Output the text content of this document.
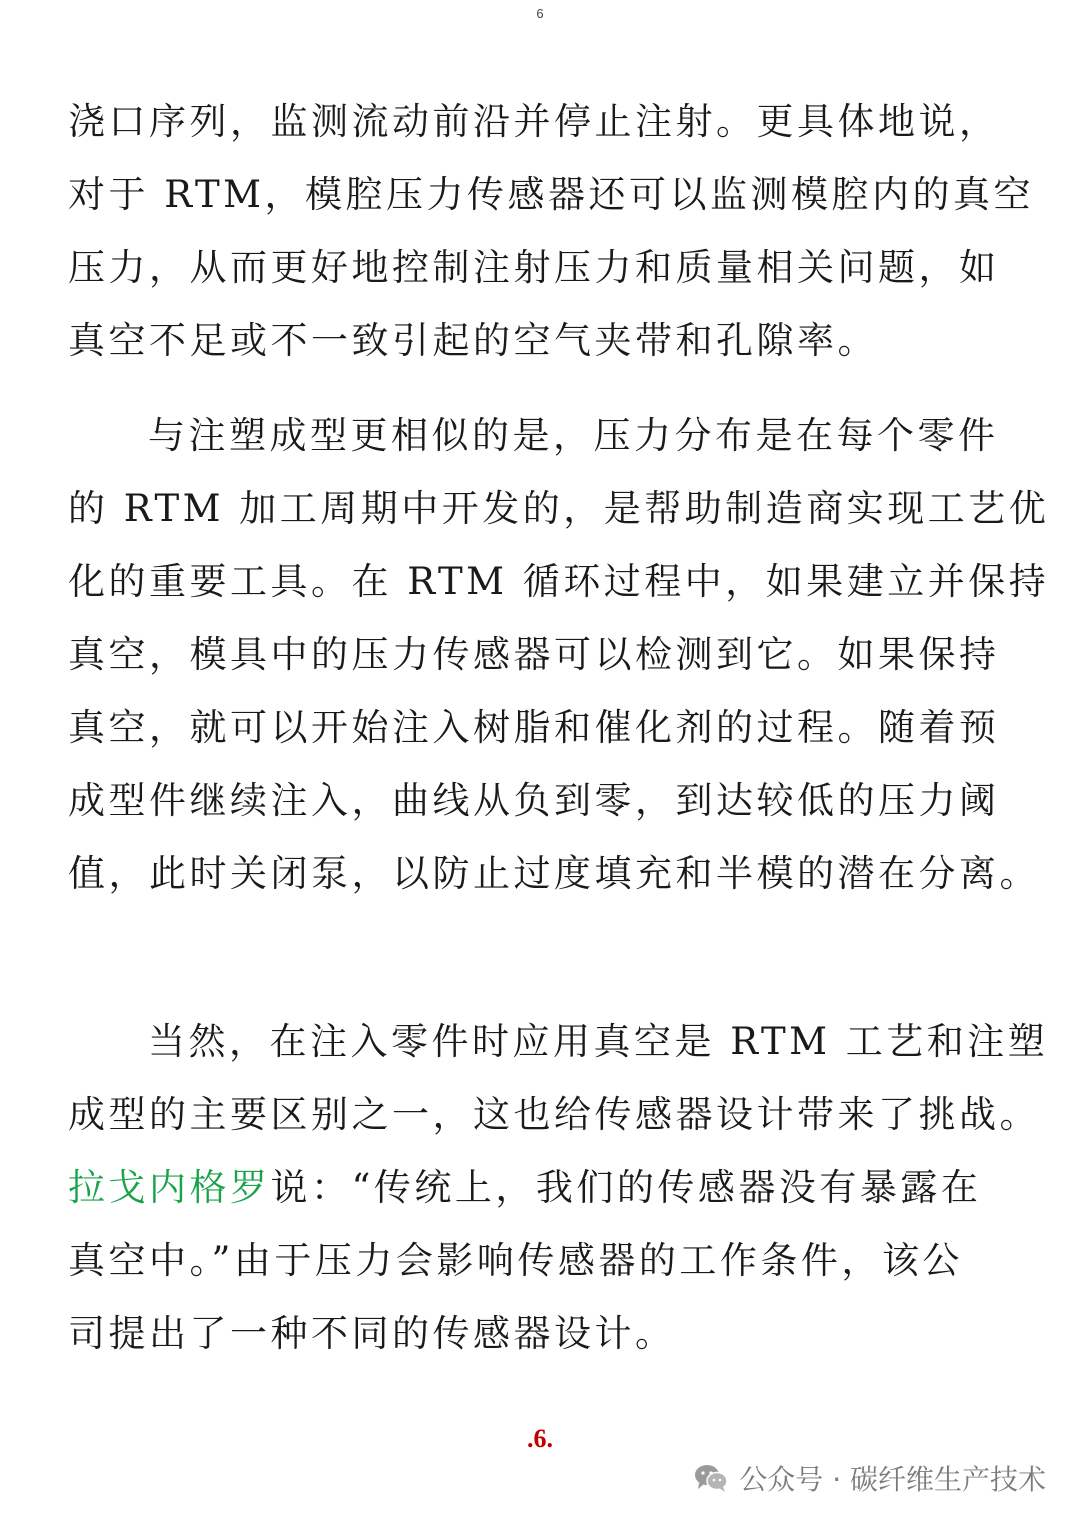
6

浇口序列，监测流动前沿并停止注射。更具体地说，
对于 RTM，模腔压力传感器还可以监测模腔内的真空
压力，从而更好地控制注射压力和质量相关问题，如
真空不足或不一致引起的空气夹带和孔隙率。

与注塑成型更相似的是，压力分布是在每个零件
的 RTM 加工周期中开发的，是帮助制造商实现工艺优
化的重要工具。在 RTM 循环过程中，如果建立并保持
真空，模具中的压力传感器可以检测到它。如果保持
真空，就可以开始注入树脂和催化剂的过程。随着预
成型件继续注入，曲线从负到零，到达较低的压力阈
值，此时关闭泵，以防止过度填充和半模的潜在分离。

当然，在注入零件时应用真空是 RTM 工艺和注塑
成型的主要区别之一，这也给传感器设计带来了挑战。
拉戈内格罗说：“传统上，我们的传感器没有暴露在
真空中。”由于压力会影响传感器的工作条件，该公
司提出了一种不同的传感器设计。

.6.
公众号 · 碳纤维生产技术
